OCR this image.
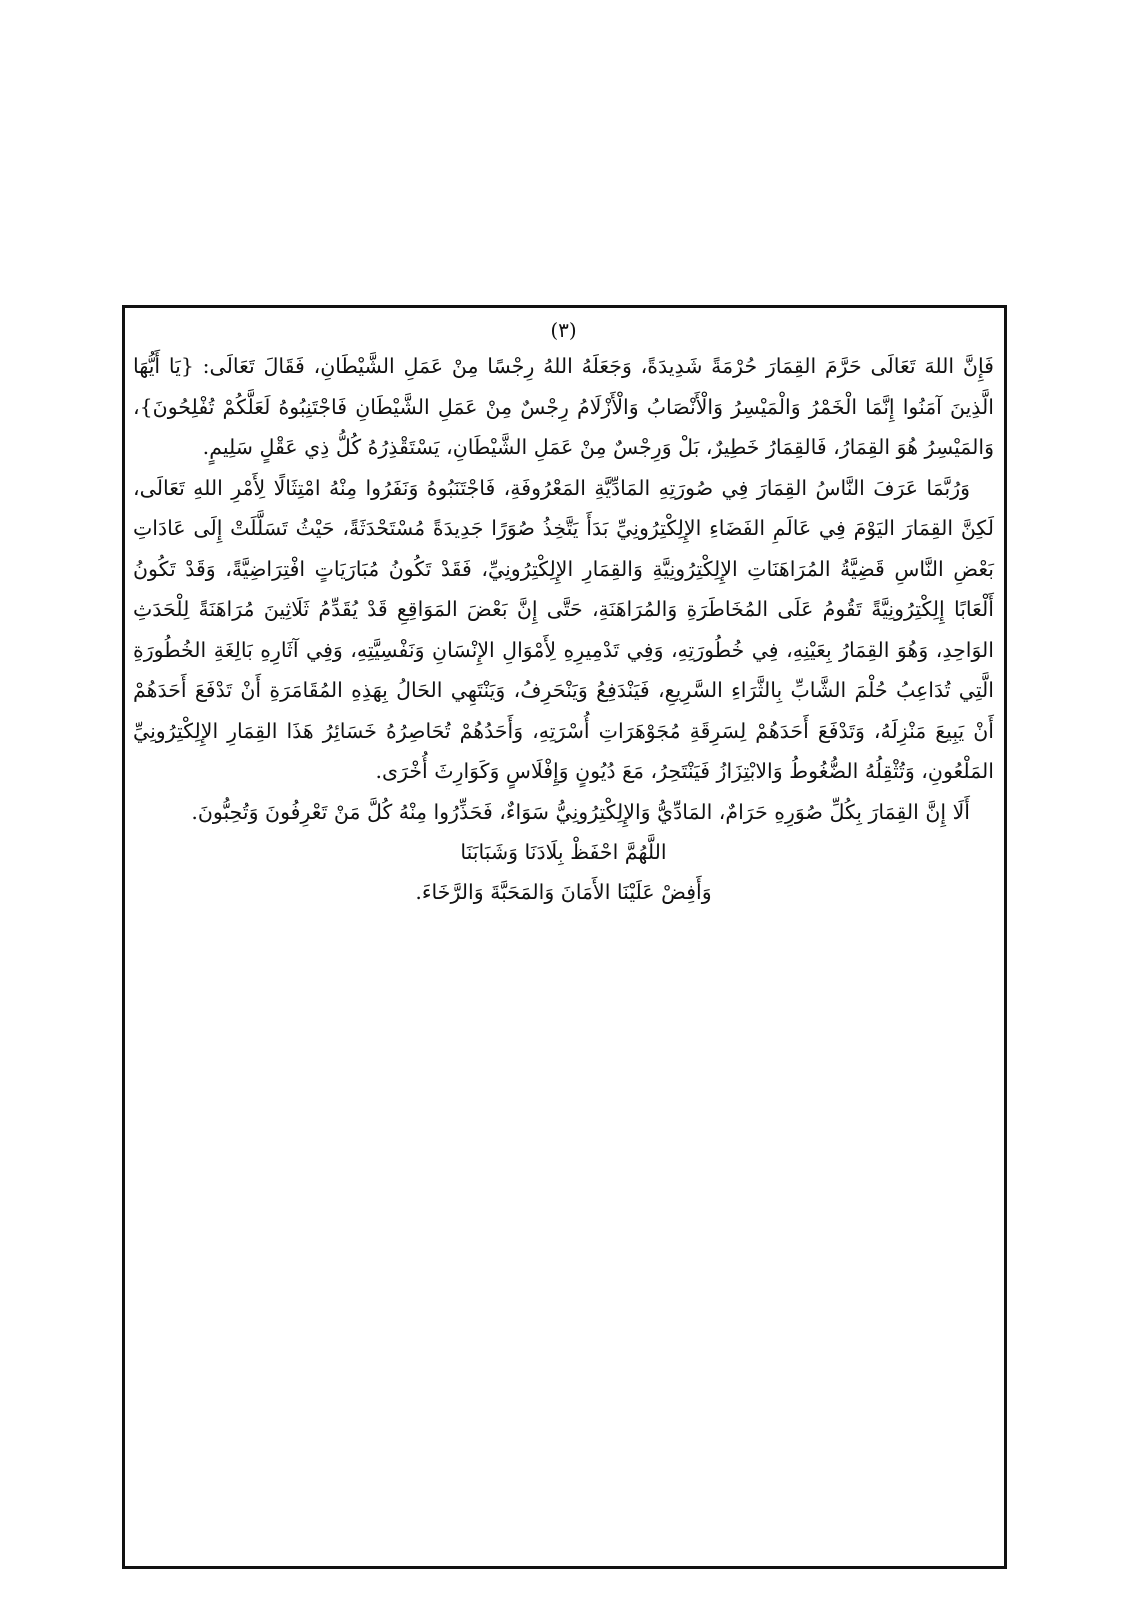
(٣)

فَإِنَّ اللهَ تَعَالَى حَرَّمَ القِمَارَ حُرْمَةً شَدِيدَةً، وَجَعَلَهُ اللهُ رِجْسًا مِنْ عَمَلِ الشَّيْطَانِ، فَقَالَ تَعَالَى: {يَا أَيُّهَا الَّذِينَ آمَنُوا إِنَّمَا الْخَمْرُ وَالْمَيْسِرُ وَالْأَنْصَابُ وَالْأَزْلَامُ رِجْسٌ مِنْ عَمَلِ الشَّيْطَانِ فَاجْتَنِبُوهُ لَعَلَّكُمْ تُفْلِحُونَ}، وَالمَيْسِرُ هُوَ القِمَارُ، فَالقِمَارُ خَطِيرٌ، بَلْ وَرِجْسٌ مِنْ عَمَلِ الشَّيْطَانِ، يَسْتَقْذِرُهُ كُلُّ ذِي عَقْلٍ سَلِيمٍ.

وَرُبَّمَا عَرَفَ النَّاسُ القِمَارَ فِي صُورَتِهِ المَادِّيَّةِ المَعْرُوفَةِ، فَاجْتَنَبُوهُ وَنَفَرُوا مِنْهُ امْتِثَالًا لِأَمْرِ اللهِ تَعَالَى، لَكِنَّ القِمَارَ اليَوْمَ فِي عَالَمِ الفَضَاءِ الإِلِكْتِرُونِيِّ بَدَأَ يَتَّخِذُ صُوَرًا جَدِيدَةً مُسْتَحْدَثَةً، حَيْثُ تَسَلَّلَتْ إِلَى عَادَاتِ بَعْضِ النَّاسِ قَضِيَّةُ المُرَاهَنَاتِ الإِلِكْتِرُونِيَّةِ وَالقِمَارِ الإِلِكْتِرُونِيِّ، فَقَدْ تَكُونُ مُبَارَيَاتٍ افْتِرَاضِيَّةً، وَقَدْ تَكُونُ أَلْعَابًا إِلِكْتِرُونِيَّةً تَقُومُ عَلَى المُخَاطَرَةِ وَالمُرَاهَنَةِ، حَتَّى إِنَّ بَعْضَ المَوَاقِعِ قَدْ يُقَدِّمُ ثَلَاثِينَ مُرَاهَنَةً لِلْحَدَثِ الوَاحِدِ، وَهُوَ القِمَارُ بِعَيْنِهِ، فِي خُطُورَتِهِ، وَفِي تَدْمِيرِهِ لِأَمْوَالِ الإِنْسَانِ وَنَفْسِيَّتِهِ، وَفِي آثَارِهِ بَالِغَةِ الخُطُورَةِ الَّتِي تُدَاعِبُ حُلْمَ الشَّابِّ بِالثَّرَاءِ السَّرِيعِ، فَيَنْدَفِعُ وَيَنْحَرِفُ، وَيَنْتَهِي الحَالُ بِهَذِهِ المُقَامَرَةِ أَنْ تَدْفَعَ أَحَدَهُمْ أَنْ يَبِيعَ مَنْزِلَهُ، وَتَدْفَعَ أَحَدَهُمْ لِسَرِقَةِ مُجَوْهَرَاتِ أُسْرَتِهِ، وَأَحَدُهُمْ تُحَاصِرُهُ خَسَائِرُ هَذَا القِمَارِ الإِلِكْتِرُونِيِّ المَلْعُونِ، وَتُثْقِلُهُ الضُّغُوطُ وَالابْتِزَازُ فَيَنْتَحِرُ، مَعَ دُيُونٍ وَإِفْلَاسٍ وَكَوَارِثَ أُخْرَى.

أَلَا إِنَّ القِمَارَ بِكُلِّ صُوَرِهِ حَرَامٌ، المَادِّيُّ وَالإِلِكْتِرُونِيُّ سَوَاءٌ، فَحَذِّرُوا مِنْهُ كُلَّ مَنْ تَعْرِفُونَ وَتُحِبُّونَ.

اللَّهُمَّ احْفَظْ بِلَادَنَا وَشَبَابَنَا

وَأَفِضْ عَلَيْنَا الأَمَانَ وَالمَحَبَّةَ وَالرَّخَاءَ.
